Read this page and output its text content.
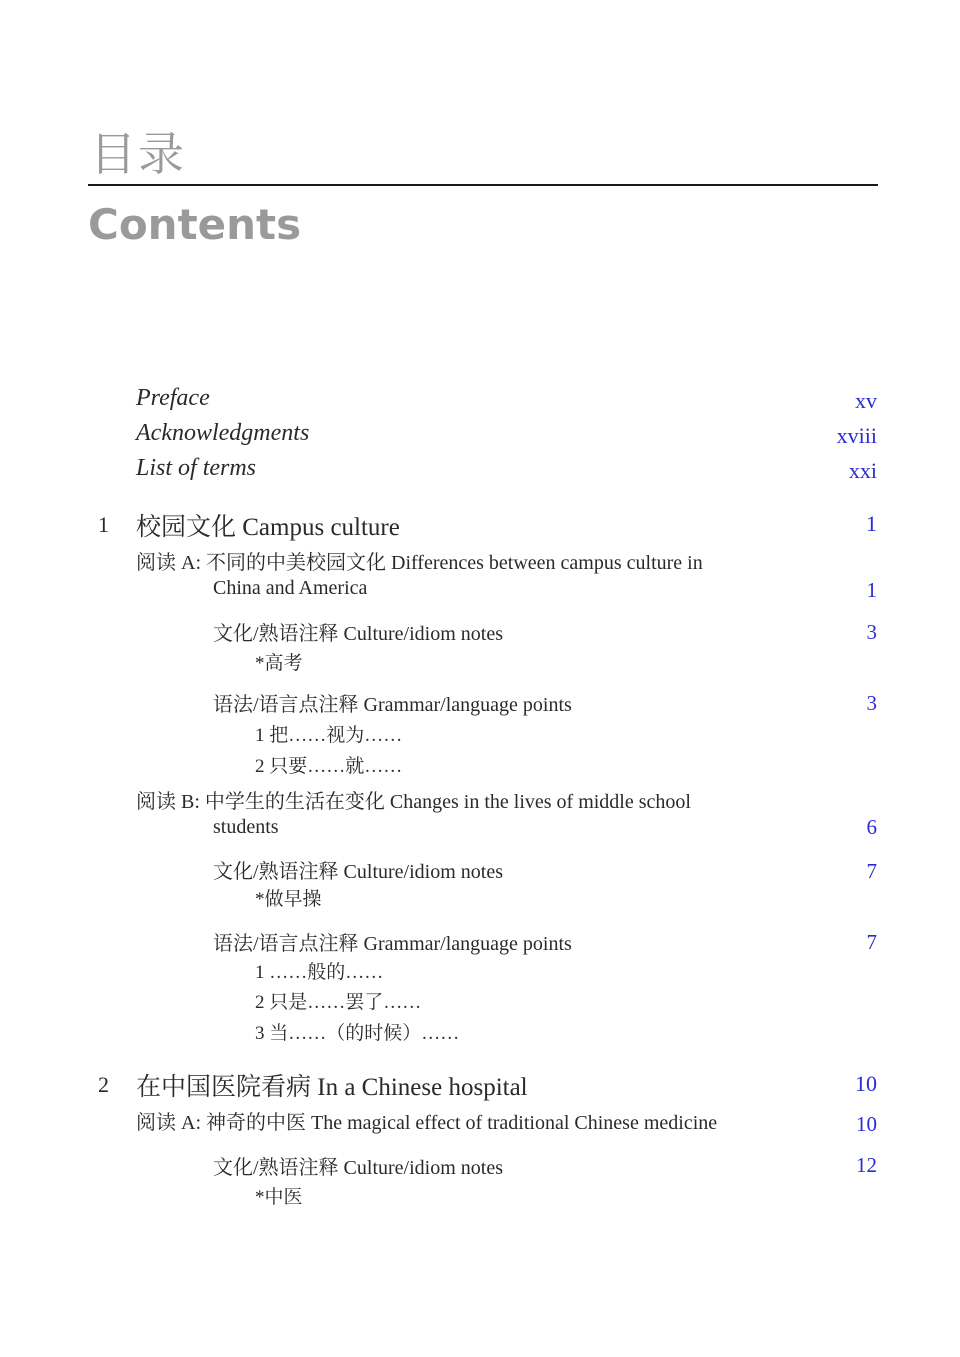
目录
Contents
Preface	xv
Acknowledgments	xviii
List of terms	xxi
1 校园文化 Campus culture	1
阅读 A: 不同的中美校园文化 Differences between campus culture in
China and America	1
文化/熟语注释 Culture/idiom notes	3
*高考
语法/语言点注释 Grammar/language points	3
1 把……视为……
2 只要……就……
阅读 B: 中学生的生活在变化 Changes in the lives of middle school
students	6
文化/熟语注释 Culture/idiom notes	7
*做早操
语法/语言点注释 Grammar/language points	7
1 ……般的……
2 只是……罢了……
3 当……（的时候）……
2 在中国医院看病 In a Chinese hospital	10
阅读 A: 神奇的中医 The magical effect of traditional Chinese medicine	10
文化/熟语注释 Culture/idiom notes	12
*中医
